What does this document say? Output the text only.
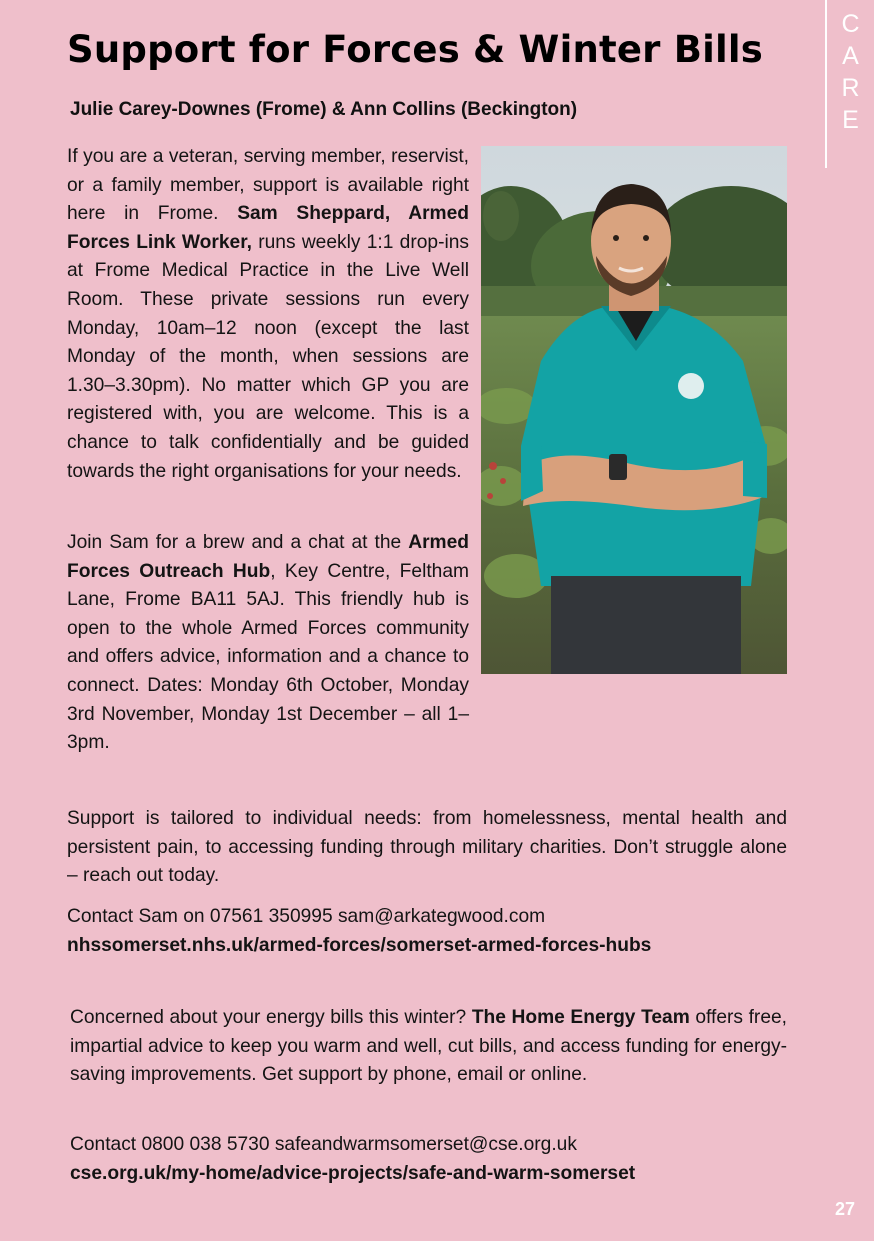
C
A
R
E
Support for Forces & Winter Bills

Julie Carey-Downes (Frome) & Ann Collins (Beckington)

If you are a veteran, serving member, reservist, or a family member, support is available right here in Frome. Sam Sheppard, Armed Forces Link Worker, runs weekly 1:1 drop-ins at Frome Medical Practice in the Live Well Room. These private sessions run every Monday, 10am–12 noon (except the last Monday of the month, when sessions are 1.30–3.30pm). No matter which GP you are registered with, you are welcome. This is a chance to talk confidentially and be guided towards the right organisations for your needs.

Join Sam for a brew and a chat at the Armed Forces Outreach Hub, Key Centre, Feltham Lane, Frome BA11 5AJ. This friendly hub is open to the whole Armed Forces community and offers advice, information and a chance to connect. Dates: Monday 6th October, Monday 3rd November, Monday 1st December – all 1–3pm.

Support is tailored to individual needs: from homelessness, mental health and persistent pain, to accessing funding through military charities. Don’t struggle alone – reach out today.

Contact Sam on 07561 350995 sam@arkategwood.com

nhssomerset.nhs.uk/armed-forces/somerset-armed-forces-hubs

Concerned about your energy bills this winter? The Home Energy Team offers free, impartial advice to keep you warm and well, cut bills, and access funding for energy-saving improvements. Get support by phone, email or online.

Contact 0800 038 5730 safeandwarmsomerset@cse.org.uk

cse.org.uk/my-home/advice-projects/safe-and-warm-somerset

27
